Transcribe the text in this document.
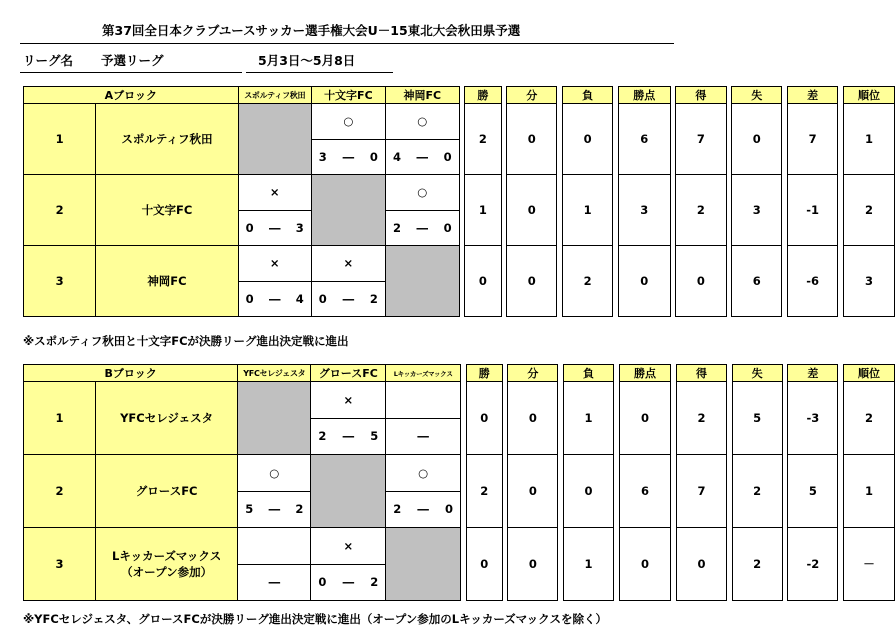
第37回全日本クラブユースサッカー選手権大会U－15東北大会秋田県予選
リーグ名 予選リーグ	5月3日～5月8日
Aブロック		スポルティフ秋田	十文字FC	神岡FC		勝		分		負		勝点		得		失		差		順位
1	スポルティフ秋田		○	○		2		0		0		6		7		0		7		1

			3 ― 0	4 ― 0																

2	十文字FC	×		○		1		0		1		3		2		3		-1		2

		0 ― 3		2 ― 0																

3	神岡FC	×	×			0		0		2		0		0		6		-6		3

		0 ― 4	0 ― 2																	
※スポルティフ秋田と十文字FCが決勝リーグ進出決定戦に進出
Bブロック		YFCセレジェスタ	グロースFC	Lキッカーズマックス		勝		分		負		勝点		得		失		差		順位
1	YFCセレジェスタ		×			0		0		1		0		2		5		-3		2

			2 ― 5	―																
2	グロースFC	○		○		2		0		0		6		7		2		5		1

		5 ― 2		2 ― 0																

3	Lキッカーズマックス
（オープン参加）		×			0		0		1		0		0		2		-2		－
		―	0 ― 2																	
※YFCセレジェスタ、グロースFCが決勝リーグ進出決定戦に進出（オープン参加のLキッカーズマックスを除く）
